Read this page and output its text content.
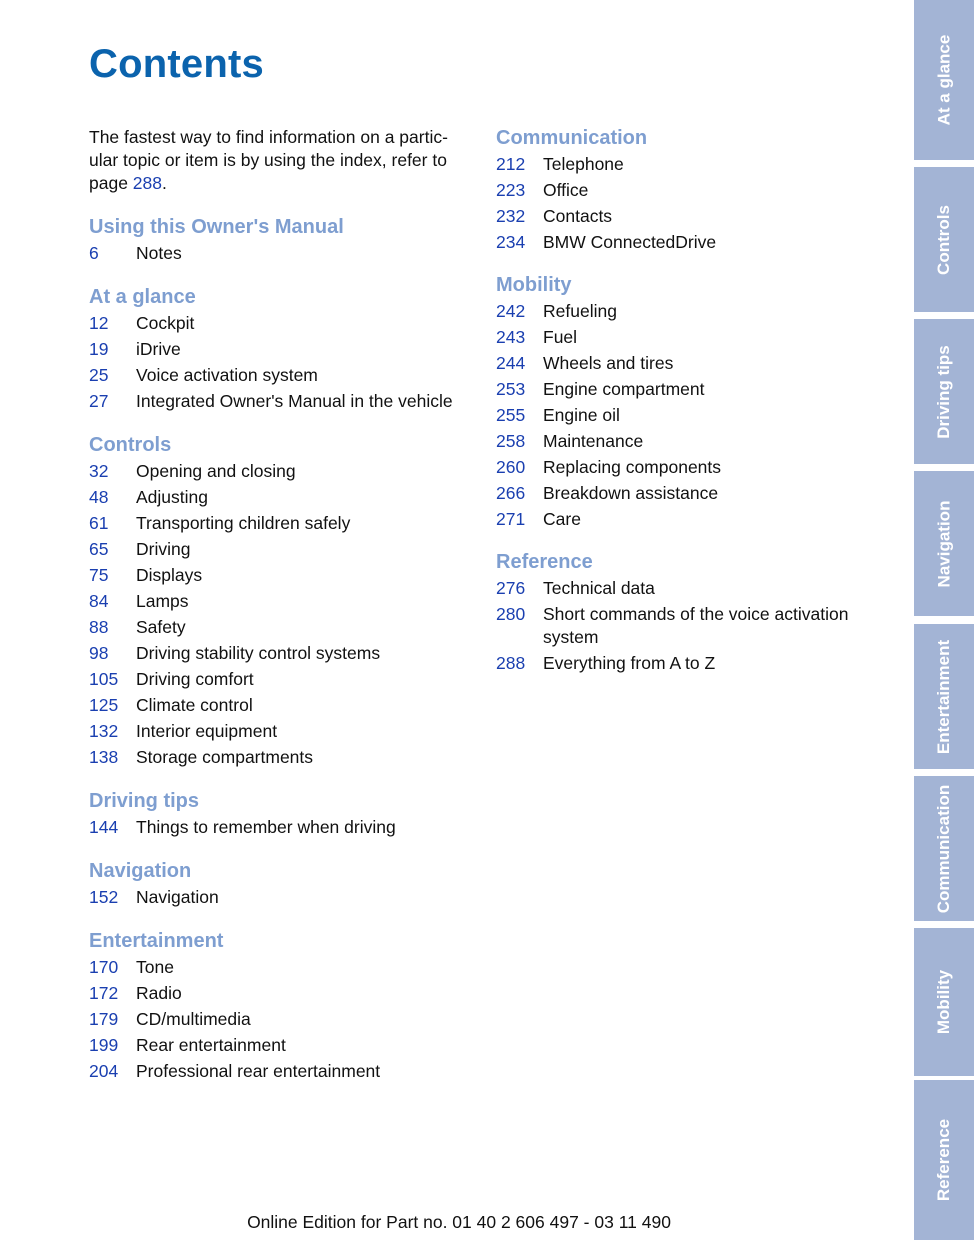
Contents

The fastest way to find information on a partic-
ular topic or item is by using the index, refer to
page 288.

Using this Owner's Manual
6	Notes
At a glance
12	Cockpit
19	iDrive
25	Voice activation system
27	Integrated Owner's Manual in the vehicle
Controls
32	Opening and closing
48	Adjusting
61	Transporting children safely
65	Driving
75	Displays
84	Lamps
88	Safety
98	Driving stability control systems
105	Driving comfort
125	Climate control
132	Interior equipment
138	Storage compartments
Driving tips
144	Things to remember when driving
Navigation
152	Navigation
Entertainment
170	Tone
172	Radio
179	CD/multimedia
199	Rear entertainment
204	Professional rear entertainment
Communication
212	Telephone
223	Office
232	Contacts
234	BMW ConnectedDrive
Mobility
242	Refueling
243	Fuel
244	Wheels and tires
253	Engine compartment
255	Engine oil
258	Maintenance
260	Replacing components
266	Breakdown assistance
271	Care
Reference
276	Technical data
280	Short commands of the voice activation system
288	Everything from A to Z
At a glance
Controls
Driving tips
Navigation
Entertainment
Communication
Mobility
Reference
Online Edition for Part no. 01 40 2 606 497 - 03 11 490
